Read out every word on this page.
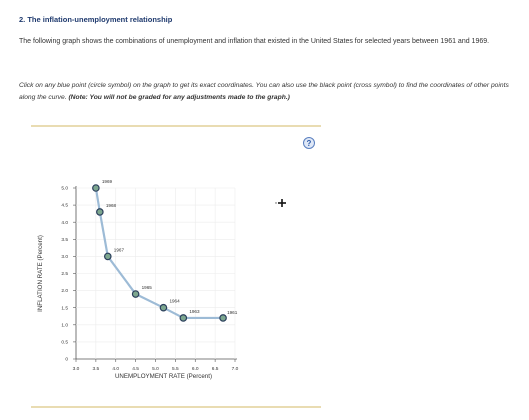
2. The inflation-unemployment relationship
The following graph shows the combinations of unemployment and inflation that existed in the United States for selected years between 1961 and 1969.
Click on any blue point (circle symbol) on the graph to get its exact coordinates. You can also use the black point (cross symbol) to find the coordinates of other points along the curve. (Note: You will not be graded for any adjustments made to the graph.)
?
0
0.5
1.0
1.5
2.0
2.5
3.0
3.5
4.0
4.5
5.0
3.0	3.5	4.0	4.5	5.0	5.5	6.0	6.5	7.0
1969
1968
1967
1965
1964
1963	1961
INFLATION RATE (Percent)
UNEMPLOYMENT RATE (Percent)
